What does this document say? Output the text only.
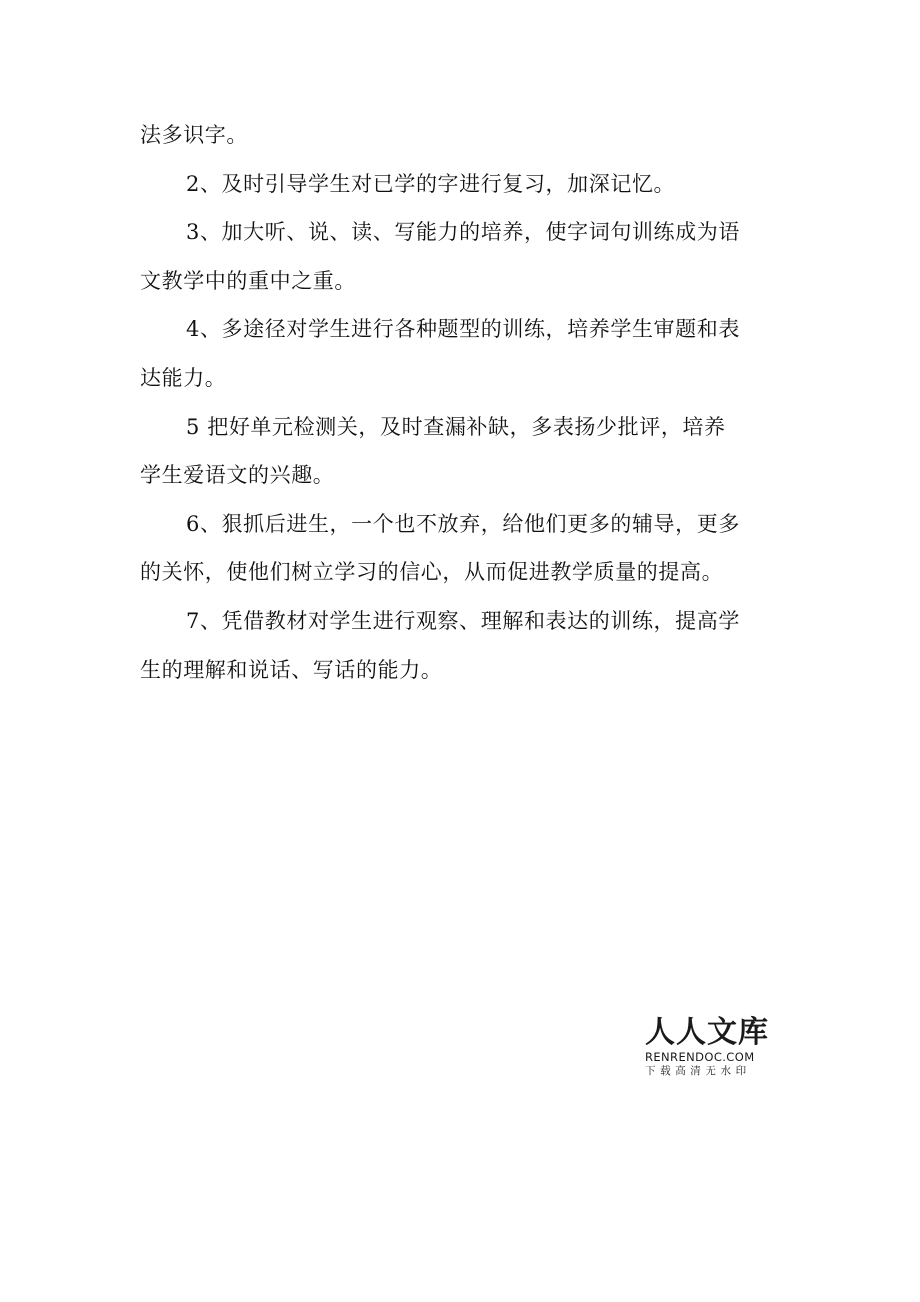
法多识字。
2、及时引导学生对已学的字进行复习，加深记忆。
3、加大听、说、读、写能力的培养，使字词句训练成为语
文教学中的重中之重。
4、多途径对学生进行各种题型的训练，培养学生审题和表
达能力。
5 把好单元检测关，及时查漏补缺，多表扬少批评，培养
学生爱语文的兴趣。
6、狠抓后进生，一个也不放弃，给他们更多的辅导，更多
的关怀，使他们树立学习的信心，从而促进教学质量的提高。
7、凭借教材对学生进行观察、理解和表达的训练，提高学
生的理解和说话、写话的能力。
人人文库
RENRENDOC.COM
下载高清无水印
